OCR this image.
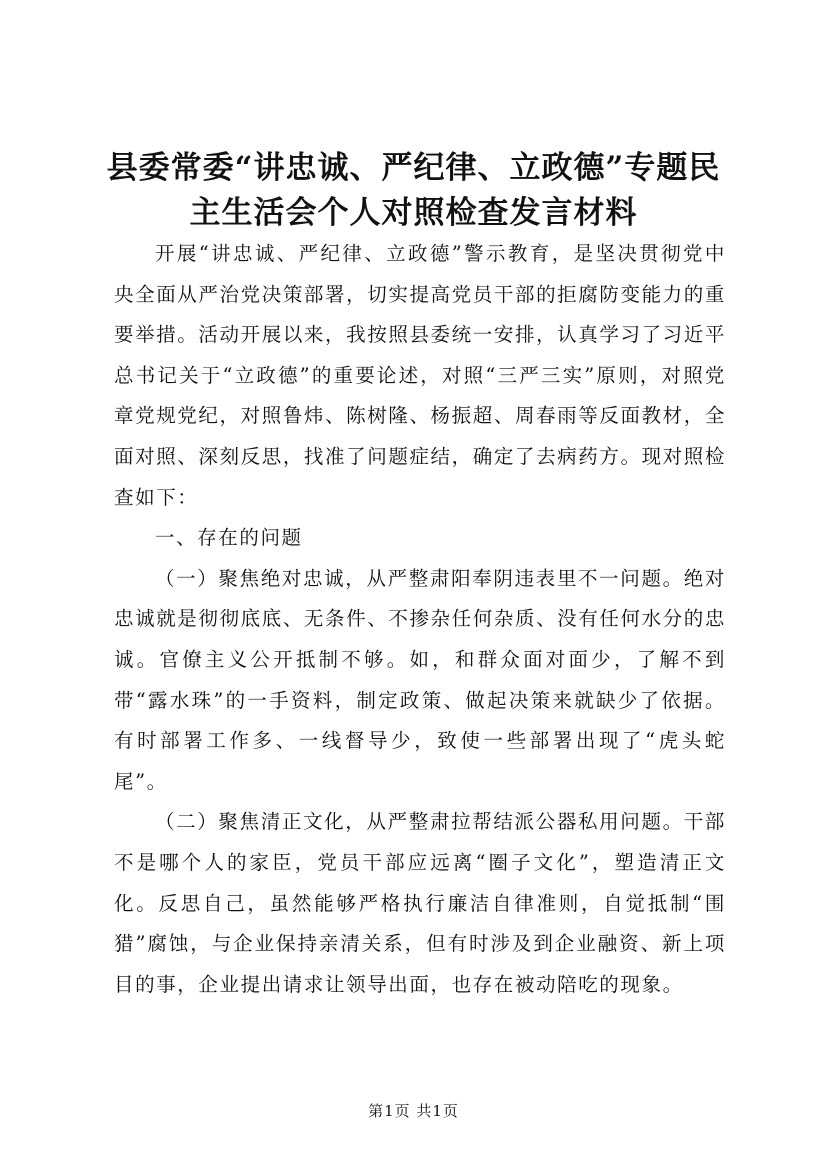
县委常委“讲忠诚、严纪律、立政德”专题民
主生活会个人对照检查发言材料

开展“讲忠诚、严纪律、立政德”警示教育，是坚决贯彻党中央全面从严治党决策部署，切实提高党员干部的拒腐防变能力的重要举措。活动开展以来，我按照县委统一安排，认真学习了习近平总书记关于“立政德”的重要论述，对照“三严三实”原则，对照党章党规党纪，对照鲁炜、陈树隆、杨振超、周春雨等反面教材，全面对照、深刻反思，找准了问题症结，确定了去病药方。现对照检查如下：

一、存在的问题

（一）聚焦绝对忠诚，从严整肃阳奉阴违表里不一问题。绝对忠诚就是彻彻底底、无条件、不掺杂任何杂质、没有任何水分的忠诚。官僚主义公开抵制不够。如，和群众面对面少，了解不到带“露水珠”的一手资料，制定政策、做起决策来就缺少了依据。有时部署工作多、一线督导少，致使一些部署出现了“虎头蛇尾”。

（二）聚焦清正文化，从严整肃拉帮结派公器私用问题。干部不是哪个人的家臣，党员干部应远离“圈子文化”，塑造清正文化。反思自己，虽然能够严格执行廉洁自律准则，自觉抵制“围猎”腐蚀，与企业保持亲清关系，但有时涉及到企业融资、新上项目的事，企业提出请求让领导出面，也存在被动陪吃的现象。

第1页 共1页
